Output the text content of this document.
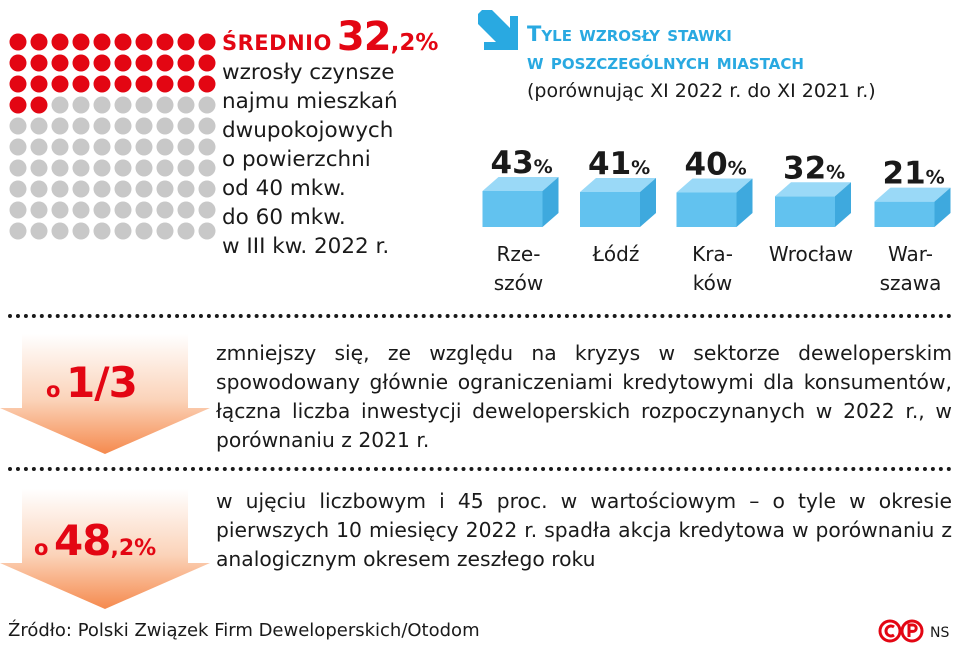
ŚREDNIO 32,2%
wzrosły czynsze
najmu mieszkań
dwupokojowych
o powierzchni
od 40 mkw.
do 60 mkw.
w III kw. 2022 r.
Tyle wzrosły stawki
w poszczególnych miastach
(porównując XI 2022 r. do XI 2021 r.)
43% 41% 40% 32% 21%
Rze-
szów
Łódź	Kra-
ków
Wrocław	War-
szawa
o 1/3
zmniejszy się, ze względu na kryzys w sektorze deweloperskim spowodowany głównie ograniczeniami kredytowymi dla konsumentów, łączna liczba inwestycji deweloperskich rozpoczynanych w 2022 r., w porównaniu z 2021 r.
o 48,2%
w ujęciu liczbowym i 45 proc. w wartościowym – o tyle w okresie pierwszych 10 miesięcy 2022 r. spadła akcja kredytowa w porównaniu z analogicznym okresem zeszłego roku
Źródło: Polski Związek Firm Deweloperskich/Otodom	NS
